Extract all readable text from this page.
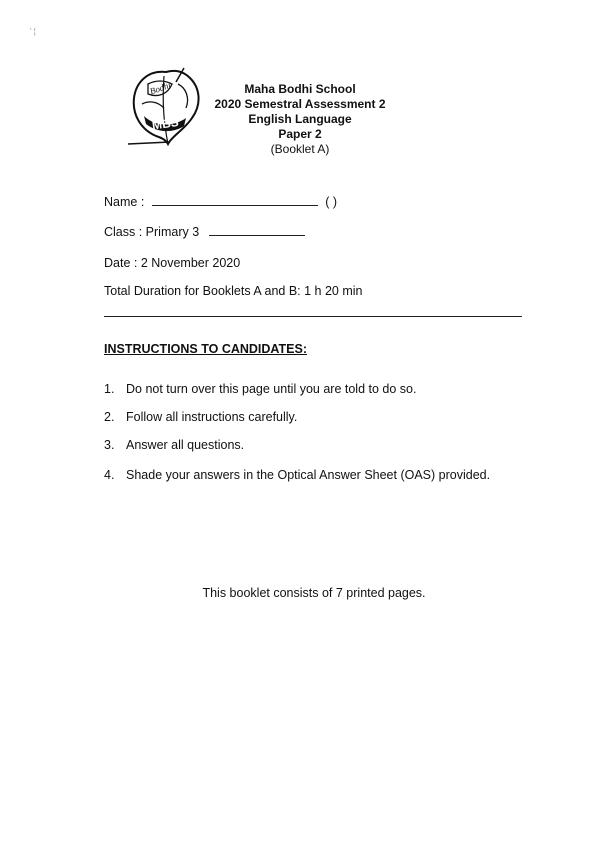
' ¦
MBS
Bodhi	Maha Bodhi School
2020 Semestral Assessment 2
English Language
Paper 2
(Booklet A)
Name :	( )
Class : Primary 3
Date : 2 November 2020
Total Duration for Booklets A and B: 1 h 20 min
INSTRUCTIONS TO CANDIDATES:
1. Do not turn over this page until you are told to do so.
2. Follow all instructions carefully.
3. Answer all questions.
4. Shade your answers in the Optical Answer Sheet (OAS) provided.
This booklet consists of 7 printed pages.
